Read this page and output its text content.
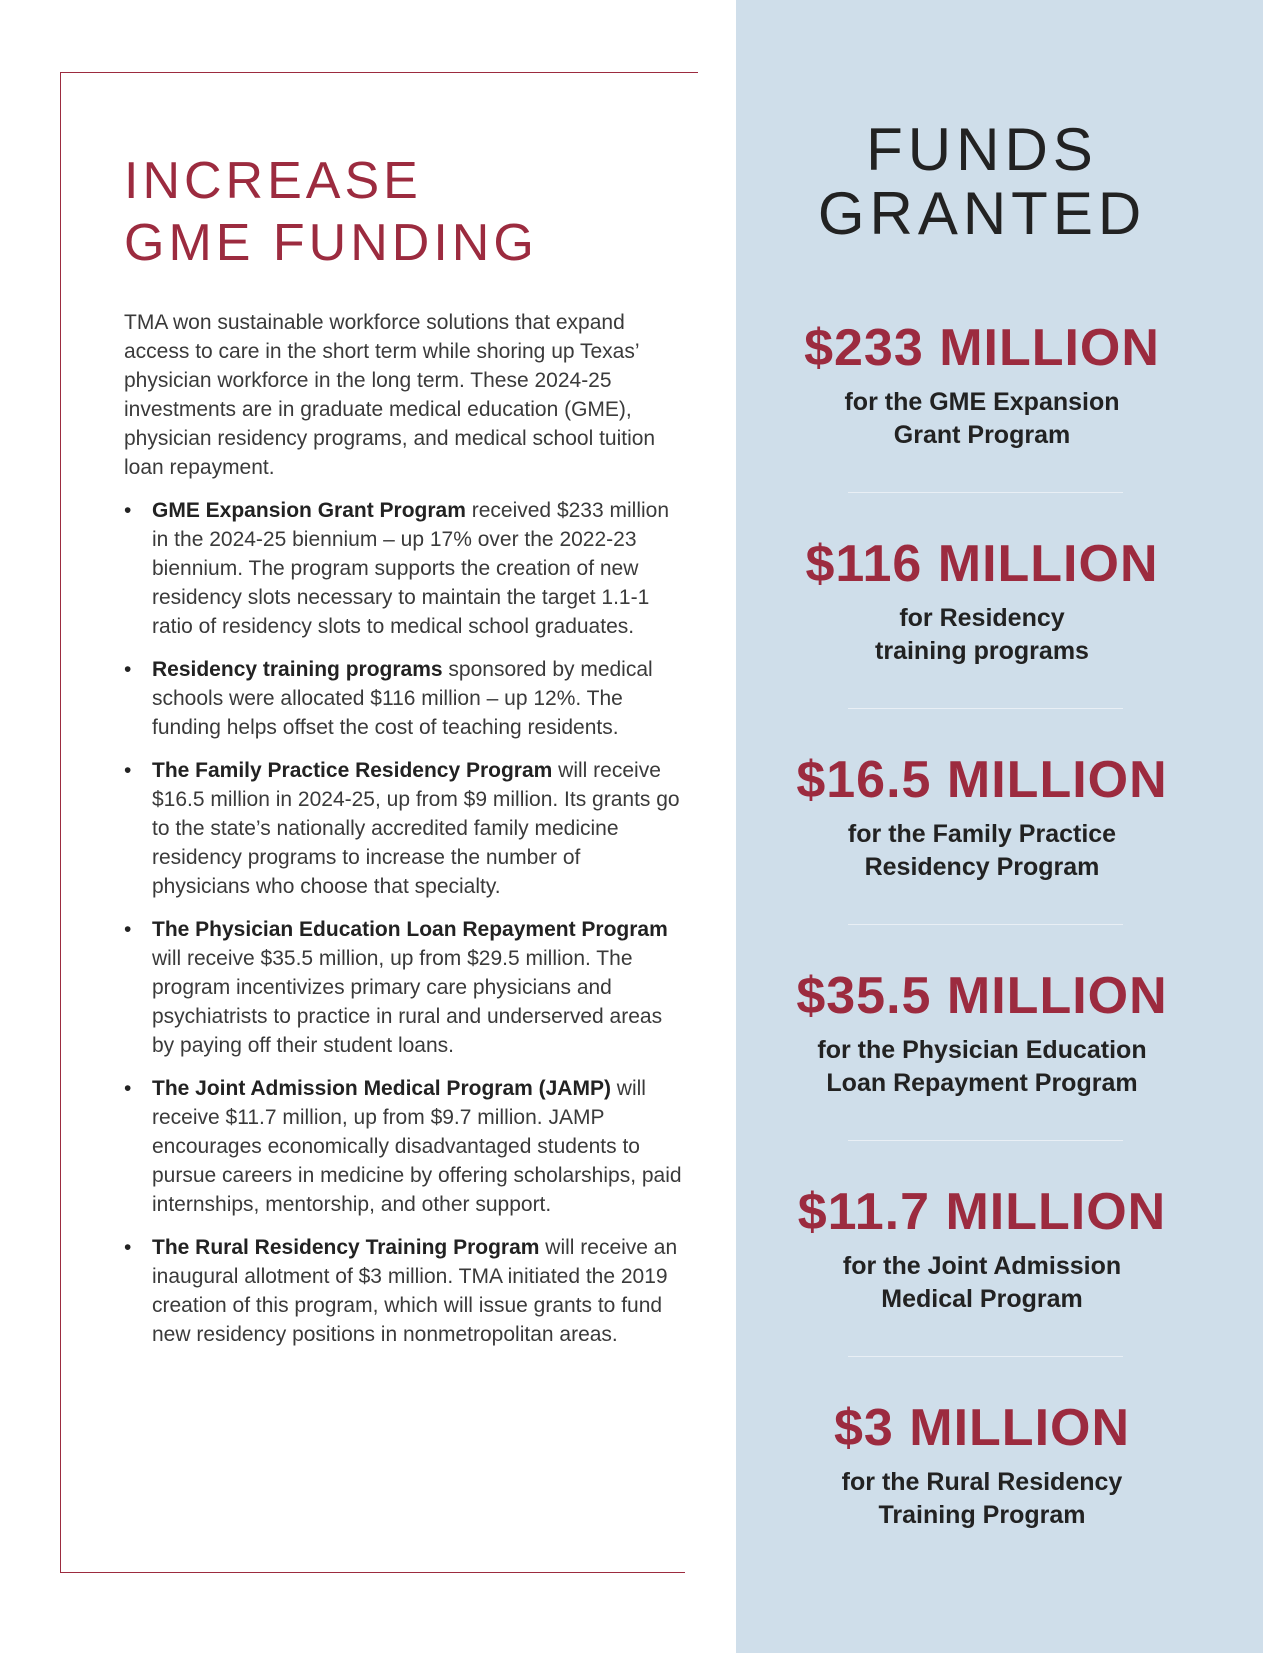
INCREASE
GME FUNDING

TMA won sustainable workforce solutions that expand access to care in the short term while shoring up Texas’ physician workforce in the long term. These 2024-25 investments are in graduate medical education (GME), physician residency programs, and medical school tuition loan repayment.

• GME Expansion Grant Program received $233 million in the 2024-25 biennium – up 17% over the 2022-23 biennium. The program supports the creation of new residency slots necessary to maintain the target 1.1-1 ratio of residency slots to medical school graduates.
• Residency training programs sponsored by medical schools were allocated $116 million – up 12%. The funding helps offset the cost of teaching residents.
• The Family Practice Residency Program will receive $16.5 million in 2024-25, up from $9 million. Its grants go to the state’s nationally accredited family medicine residency programs to increase the number of physicians who choose that specialty.
• The Physician Education Loan Repayment Program will receive $35.5 million, up from $29.5 million. The program incentivizes primary care physicians and psychiatrists to practice in rural and underserved areas by paying off their student loans.
• The Joint Admission Medical Program (JAMP) will receive $11.7 million, up from $9.7 million. JAMP encourages economically disadvantaged students to pursue careers in medicine by offering scholarships, paid internships, mentorship, and other support.
• The Rural Residency Training Program will receive an inaugural allotment of $3 million. TMA initiated the 2019 creation of this program, which will issue grants to fund new residency positions in nonmetropolitan areas.
FUNDS
GRANTED
$233 MILLION
for the GME Expansion
Grant Program
$116 MILLION
for Residency
training programs
$16.5 MILLION
for the Family Practice
Residency Program
$35.5 MILLION
for the Physician Education
Loan Repayment Program
$11.7 MILLION
for the Joint Admission
Medical Program
$3 MILLION
for the Rural Residency
Training Program
